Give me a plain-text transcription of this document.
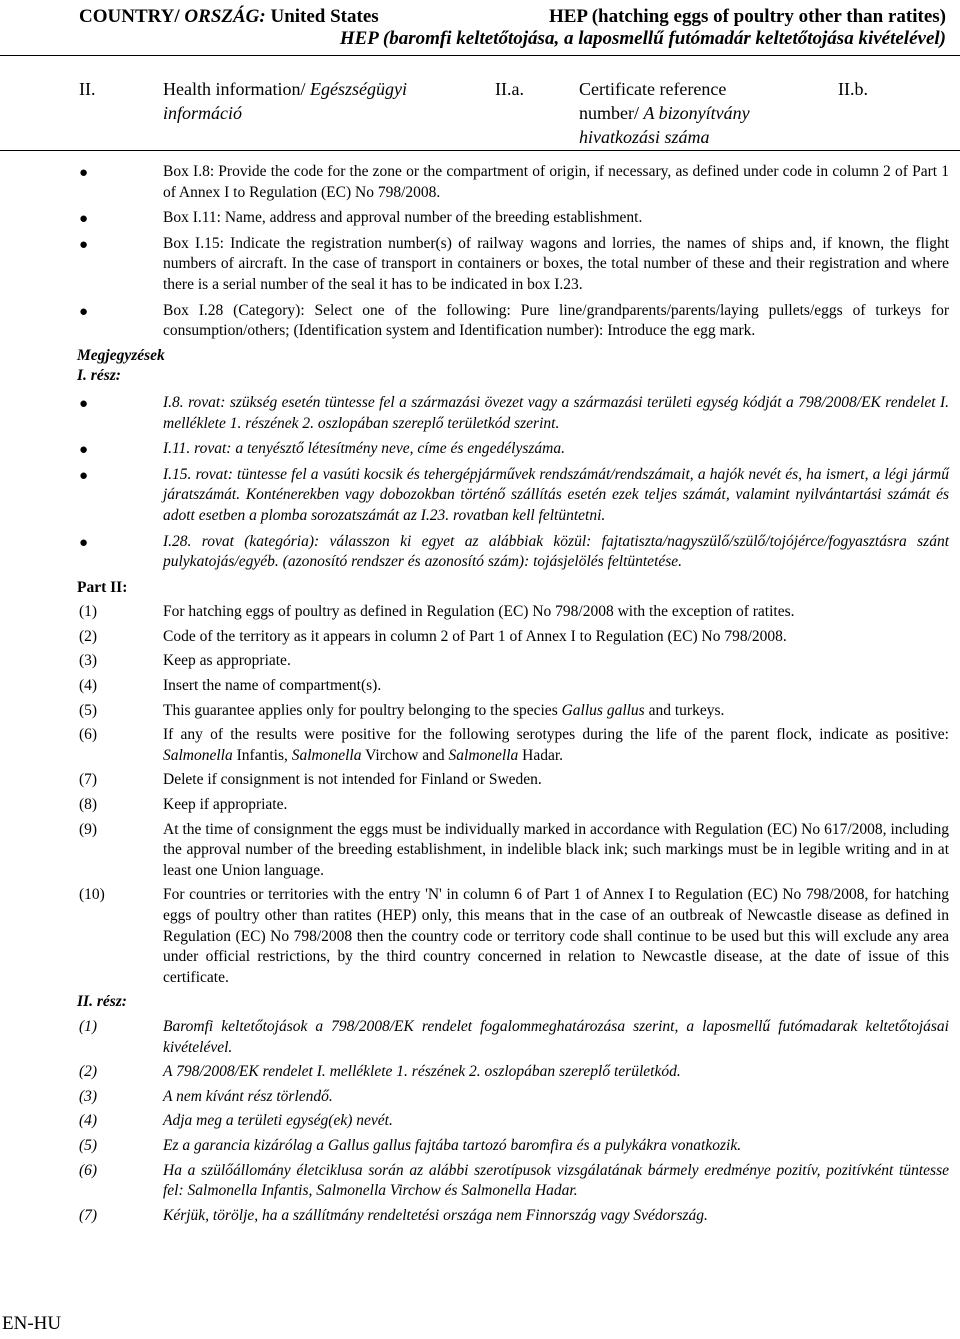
COUNTRY/ ORSZÁG: United States	HEP (hatching eggs of poultry other than ratites)
HEP (baromfi keltetőtojása, a laposmellű futómadár keltetőtojása kivételével)
II.	Health information/ Egészségügyi információ
II.a.	Certificate reference number/ A bizonyítvány hivatkozási száma
II.b.
●	Box I.8: Provide the code for the zone or the compartment of origin, if necessary, as defined under code in column 2 of Part 1 of Annex I to Regulation (EC) No 798/2008.
●	Box I.11: Name, address and approval number of the breeding establishment.
●	Box I.15: Indicate the registration number(s) of railway wagons and lorries, the names of ships and, if known, the flight numbers of aircraft. In the case of transport in containers or boxes, the total number of these and their registration and where there is a serial number of the seal it has to be indicated in box I.23.
●	Box I.28 (Category): Select one of the following: Pure line/grandparents/parents/laying pullets/eggs of turkeys for consumption/others; (Identification system and Identification number): Introduce the egg mark.
Megjegyzések
I. rész:
●	I.8. rovat: szükség esetén tüntesse fel a származási övezet vagy a származási területi egység kódját a 798/2008/EK rendelet I. melléklete 1. részének 2. oszlopában szereplő területkód szerint.
●	I.11. rovat: a tenyésztő létesítmény neve, címe és engedélyszáma.
●	I.15. rovat: tüntesse fel a vasúti kocsik és tehergépjárművek rendszámát/rendszámait, a hajók nevét és, ha ismert, a légi jármű járatszámát. Konténerekben vagy dobozokban történő szállítás esetén ezek teljes számát, valamint nyilvántartási számát és adott esetben a plomba sorozatszámát az I.23. rovatban kell feltüntetni.
●	I.28. rovat (kategória): válasszon ki egyet az alábbiak közül: fajtatiszta/nagyszülő/szülő/tojójérce/fogyasztásra szánt pulykatojás/egyéb. (azonosító rendszer és azonosító szám): tojásjelölés feltüntetése.
Part II:
(1)	For hatching eggs of poultry as defined in Regulation (EC) No 798/2008 with the exception of ratites.
(2)	Code of the territory as it appears in column 2 of Part 1 of Annex I to Regulation (EC) No 798/2008.
(3)	Keep as appropriate.
(4)	Insert the name of compartment(s).
(5)	This guarantee applies only for poultry belonging to the species Gallus gallus and turkeys.
(6)	If any of the results were positive for the following serotypes during the life of the parent flock, indicate as positive: Salmonella Infantis, Salmonella Virchow and Salmonella Hadar.
(7)	Delete if consignment is not intended for Finland or Sweden.
(8)	Keep if appropriate.
(9)	At the time of consignment the eggs must be individually marked in accordance with Regulation (EC) No 617/2008, including the approval number of the breeding establishment, in indelible black ink; such markings must be in legible writing and in at least one Union language.
(10)	For countries or territories with the entry 'N' in column 6 of Part 1 of Annex I to Regulation (EC) No 798/2008, for hatching eggs of poultry other than ratites (HEP) only, this means that in the case of an outbreak of Newcastle disease as defined in Regulation (EC) No 798/2008 then the country code or territory code shall continue to be used but this will exclude any area under official restrictions, by the third country concerned in relation to Newcastle disease, at the date of issue of this certificate.
II. rész:
(1)	Baromfi keltetőtojások a 798/2008/EK rendelet fogalommeghatározása szerint, a laposmellű futómadarak keltetőtojásai kivételével.
(2)	A 798/2008/EK rendelet I. melléklete 1. részének 2. oszlopában szereplő területkód.
(3)	A nem kívánt rész törlendő.
(4)	Adja meg a területi egység(ek) nevét.
(5)	Ez a garancia kizárólag a Gallus gallus fajtába tartozó baromfira és a pulykákra vonatkozik.
(6)	Ha a szülőállomány életciklusa során az alábbi szerotípusok vizsgálatának bármely eredménye pozitív, pozitívként tüntesse fel: Salmonella Infantis, Salmonella Virchow és Salmonella Hadar.
(7)	Kérjük, törölje, ha a szállítmány rendeltetési országa nem Finnország vagy Svédország.
EN-HU
